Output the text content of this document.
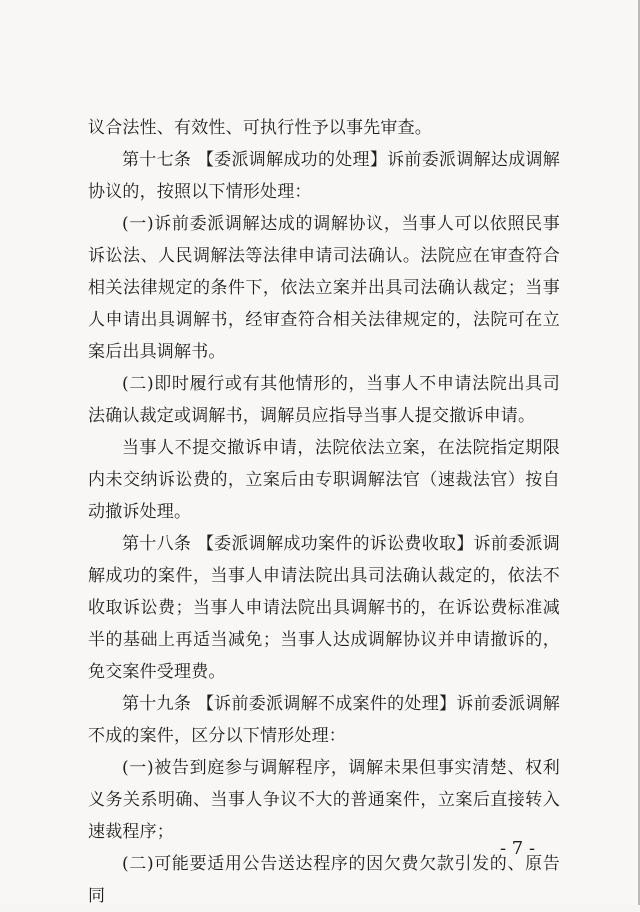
议合法性、有效性、可执行性予以事先审查。

第十七条 【委派调解成功的处理】诉前委派调解达成调解协议的，按照以下情形处理：

(一)诉前委派调解达成的调解协议，当事人可以依照民事诉讼法、人民调解法等法律申请司法确认。法院应在审查符合相关法律规定的条件下，依法立案并出具司法确认裁定；当事人申请出具调解书，经审查符合相关法律规定的，法院可在立案后出具调解书。

(二)即时履行或有其他情形的，当事人不申请法院出具司法确认裁定或调解书，调解员应指导当事人提交撤诉申请。

当事人不提交撤诉申请，法院依法立案，在法院指定期限内未交纳诉讼费的，立案后由专职调解法官（速裁法官）按自动撤诉处理。

第十八条 【委派调解成功案件的诉讼费收取】诉前委派调解成功的案件，当事人申请法院出具司法确认裁定的，依法不收取诉讼费；当事人申请法院出具调解书的，在诉讼费标准减半的基础上再适当减免；当事人达成调解协议并申请撤诉的，免交案件受理费。

第十九条 【诉前委派调解不成案件的处理】诉前委派调解不成的案件，区分以下情形处理：

(一)被告到庭参与调解程序，调解未果但事实清楚、权利义务关系明确、当事人争议不大的普通案件，立案后直接转入速裁程序；

(二)可能要适用公告送达程序的因欠费欠款引发的、原告同

- 7 -
